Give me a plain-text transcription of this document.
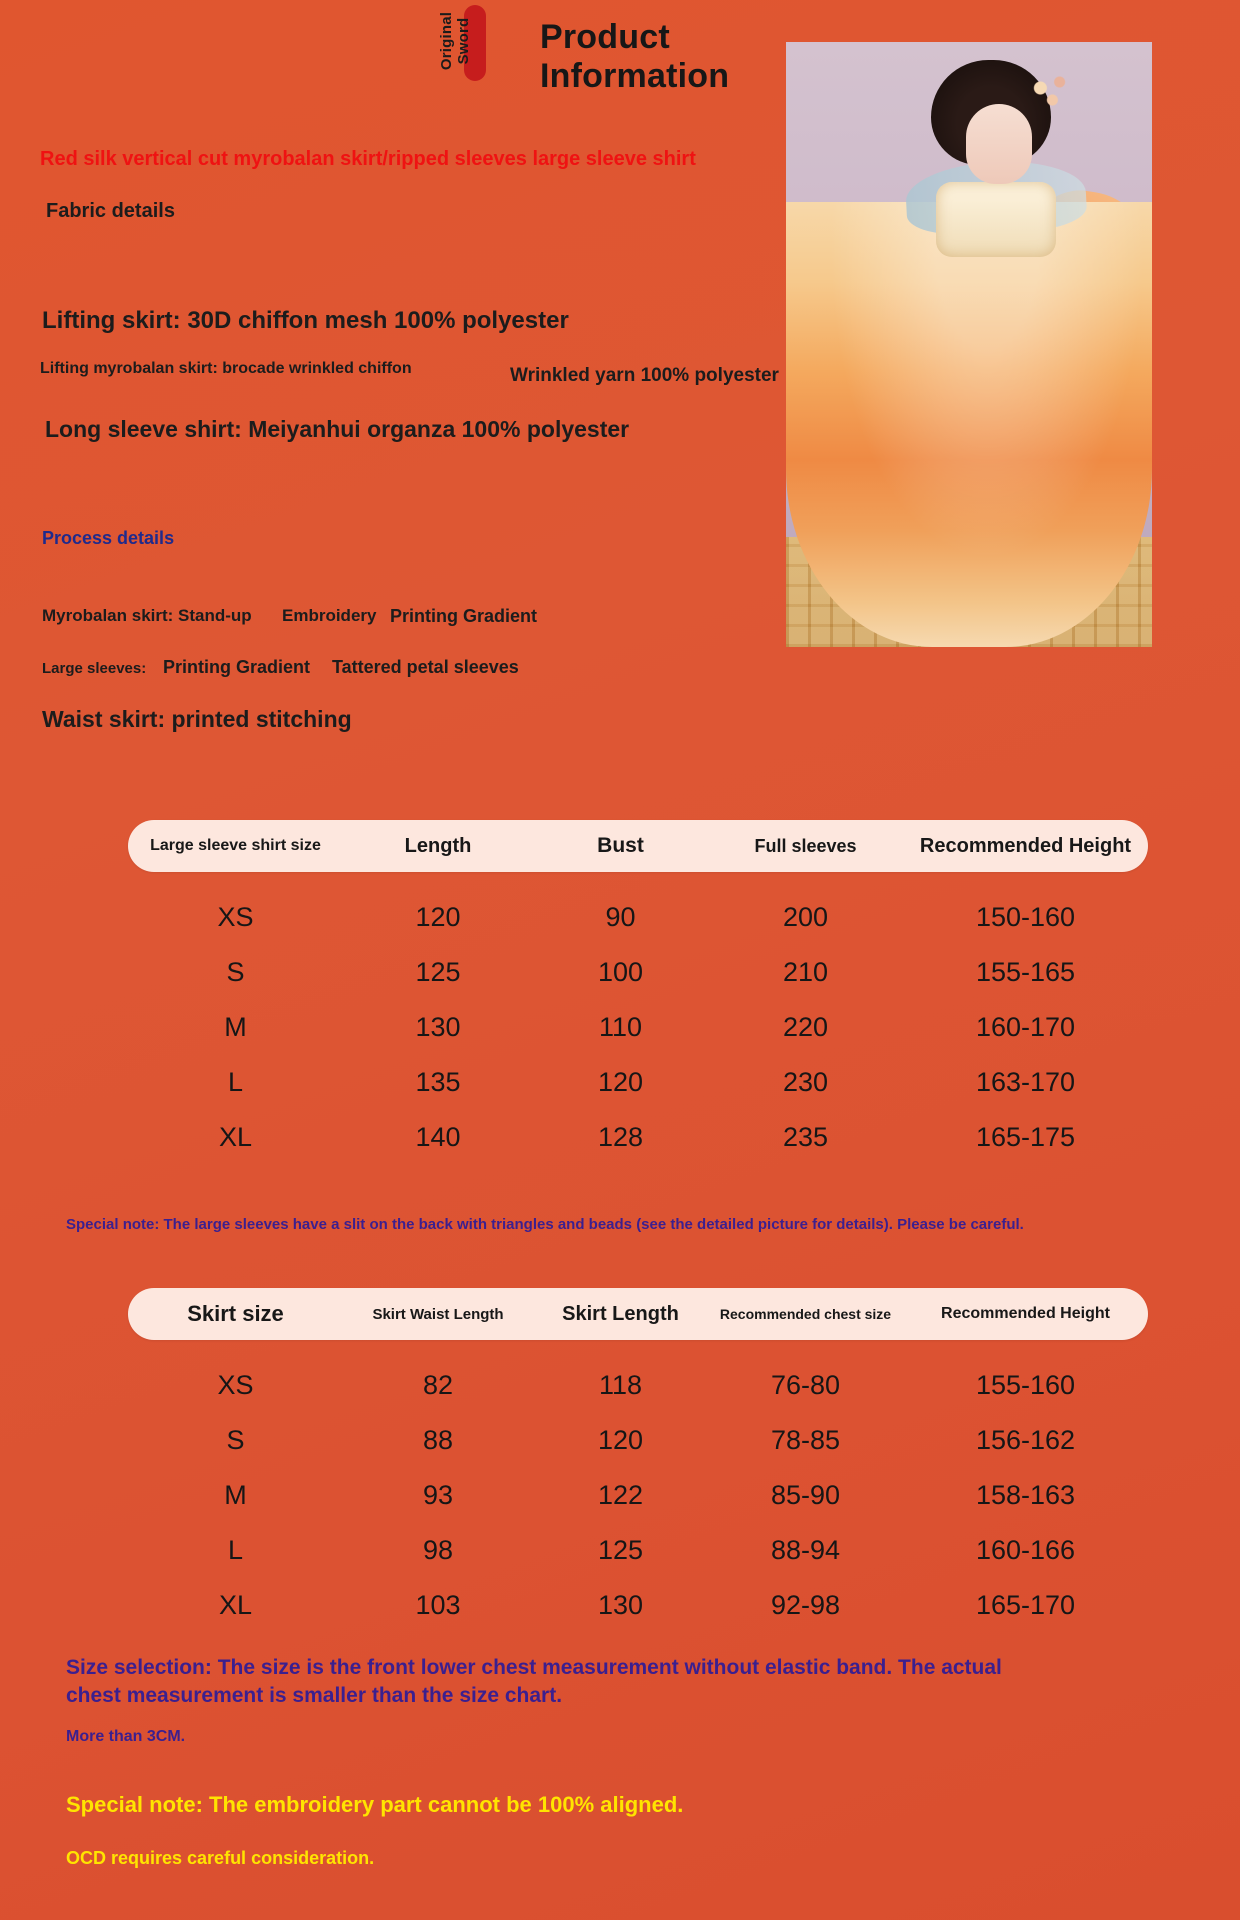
Original Sword Product
Information
Red silk vertical cut myrobalan skirt/ripped sleeves large sleeve shirt
Fabric details
Lifting skirt: 30D chiffon mesh 100% polyester
Lifting myrobalan skirt: brocade wrinkled chiffon	Wrinkled yarn 100% polyester
Long sleeve shirt: Meiyanhui organza 100% polyester
Process details
Myrobalan skirt: Stand-up Embroidery Printing Gradient
Large sleeves: Printing Gradient Tattered petal sleeves
Waist skirt: printed stitching
Large sleeve shirt size	Length	Bust	Full sleeves	Recommended Height
XS	120	90	200	150-160
S	125	100	210	155-165
M	130	110	220	160-170
L	135	120	230	163-170
XL	140	128	235	165-175
Special note: The large sleeves have a slit on the back with triangles and beads (see the detailed picture for details). Please be careful.
Skirt size	Skirt Waist Length	Skirt Length	Recommended chest size	Recommended Height
XS	82	118	76-80	155-160
S	88	120	78-85	156-162
M	93	122	85-90	158-163
L	98	125	88-94	160-166
XL	103	130	92-98	165-170
Size selection: The size is the front lower chest measurement without elastic band. The actual
chest measurement is smaller than the size chart.
More than 3CM.
Special note: The embroidery part cannot be 100% aligned.
OCD requires careful consideration.
